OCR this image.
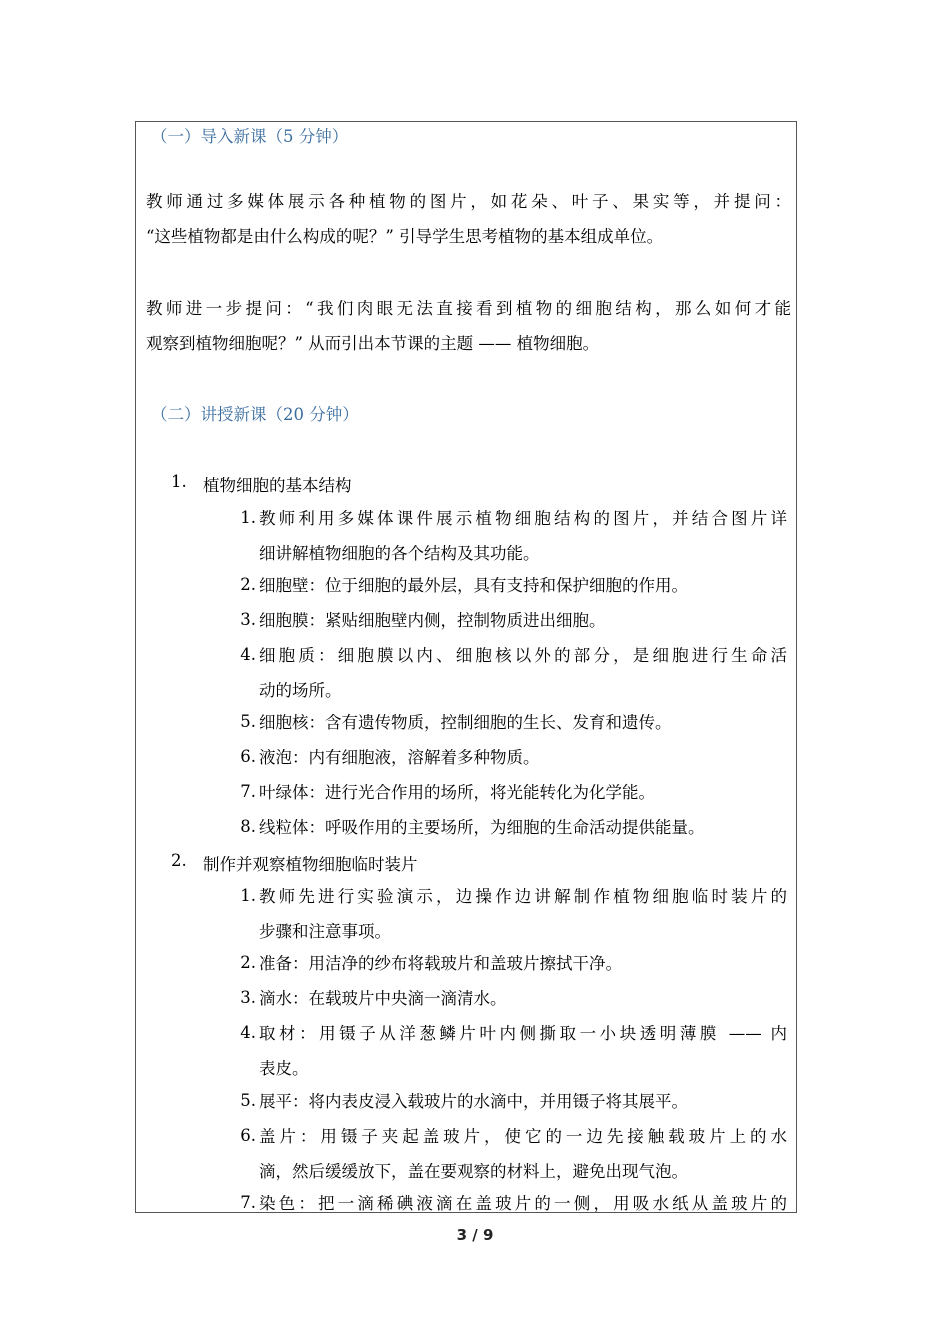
（一）导入新课（5 分钟）
教师通过多媒体展示各种植物的图片，如花朵、叶子、果实等，并提问：
“这些植物都是由什么构成的呢？” 引导学生思考植物的基本组成单位。
教师进一步提问：“我们肉眼无法直接看到植物的细胞结构，那么如何才能
观察到植物细胞呢？” 从而引出本节课的主题 —— 植物细胞。
（二）讲授新课（20 分钟）
1. 植物细胞的基本结构
1. 教师利用多媒体课件展示植物细胞结构的图片，并结合图片详
细讲解植物细胞的各个结构及其功能。
2. 细胞壁：位于细胞的最外层，具有支持和保护细胞的作用。
3. 细胞膜：紧贴细胞壁内侧，控制物质进出细胞。
4. 细胞质：细胞膜以内、细胞核以外的部分，是细胞进行生命活
动的场所。
5. 细胞核：含有遗传物质，控制细胞的生长、发育和遗传。
6. 液泡：内有细胞液，溶解着多种物质。
7. 叶绿体：进行光合作用的场所，将光能转化为化学能。
8. 线粒体：呼吸作用的主要场所，为细胞的生命活动提供能量。
2. 制作并观察植物细胞临时装片
1. 教师先进行实验演示，边操作边讲解制作植物细胞临时装片的
步骤和注意事项。
2. 准备：用洁净的纱布将载玻片和盖玻片擦拭干净。
3. 滴水：在载玻片中央滴一滴清水。
4. 取材：用镊子从洋葱鳞片叶内侧撕取一小块透明薄膜 —— 内
表皮。
5. 展平：将内表皮浸入载玻片的水滴中，并用镊子将其展平。
6. 盖片：用镊子夹起盖玻片，使它的一边先接触载玻片上的水
滴，然后缓缓放下，盖在要观察的材料上，避免出现气泡。
7. 染色：把一滴稀碘液滴在盖玻片的一侧，用吸水纸从盖玻片的
3 / 9
